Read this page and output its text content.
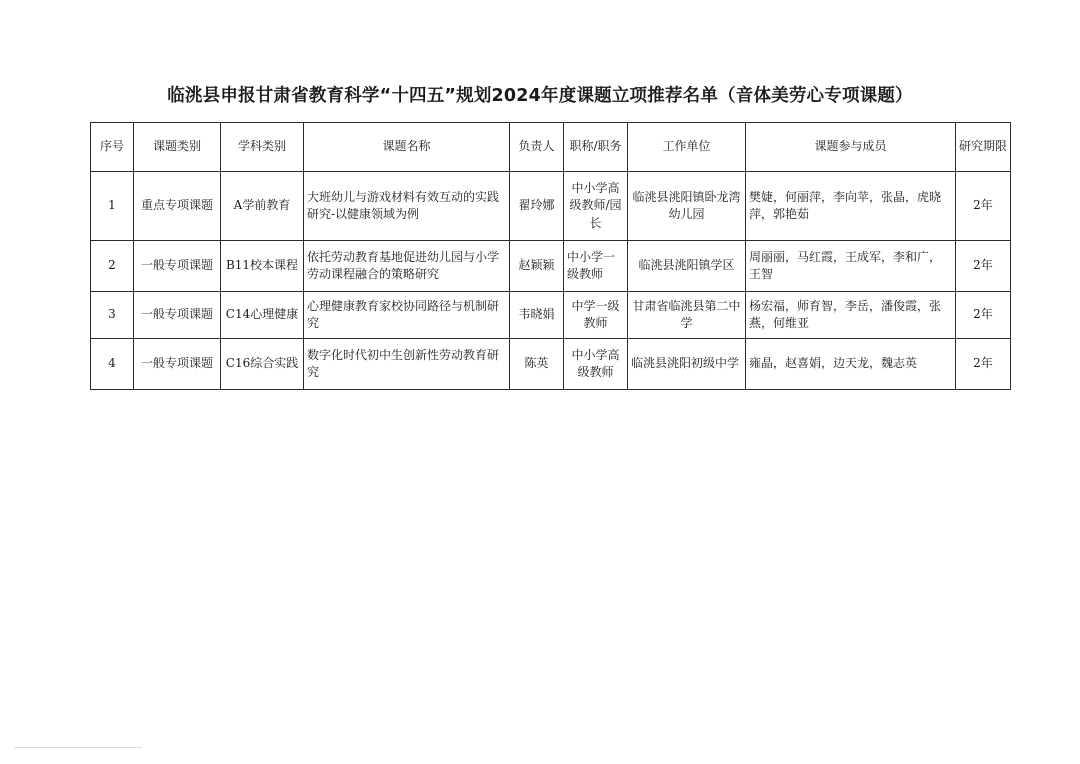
临洮县申报甘肃省教育科学“十四五”规划2024年度课题立项推荐名单（音体美劳心专项课题）
序号	课题类别	学科类别	课题名称	负责人	职称/职务	工作单位	课题参与成员	研究期限
1	重点专项课题	A学前教育	大班幼儿与游戏材料有效互动的实践研究-以健康领域为例	翟玲娜	中小学高级教师/园长	临洮县洮阳镇卧龙湾幼儿园	樊婕，何丽萍，李向苹，张晶，虎晓萍，郭艳茹	2年
2	一般专项课题	B11校本课程	依托劳动教育基地促进幼儿园与小学劳动课程融合的策略研究	赵颖颖	中小学一级教师	临洮县洮阳镇学区	周丽丽，马红霞，王成军，李和广，王智	2年
3	一般专项课题	C14心理健康	心理健康教育家校协同路径与机制研究	韦晓娟	中学一级教师	甘肃省临洮县第二中学	杨宏福，师育智，李岳，潘俊霞，张燕，何维亚	2年
4	一般专项课题	C16综合实践	数字化时代初中生创新性劳动教育研究	陈英	中小学高级教师	临洮县洮阳初级中学	雍晶，赵喜娟，边天龙，魏志英	2年
